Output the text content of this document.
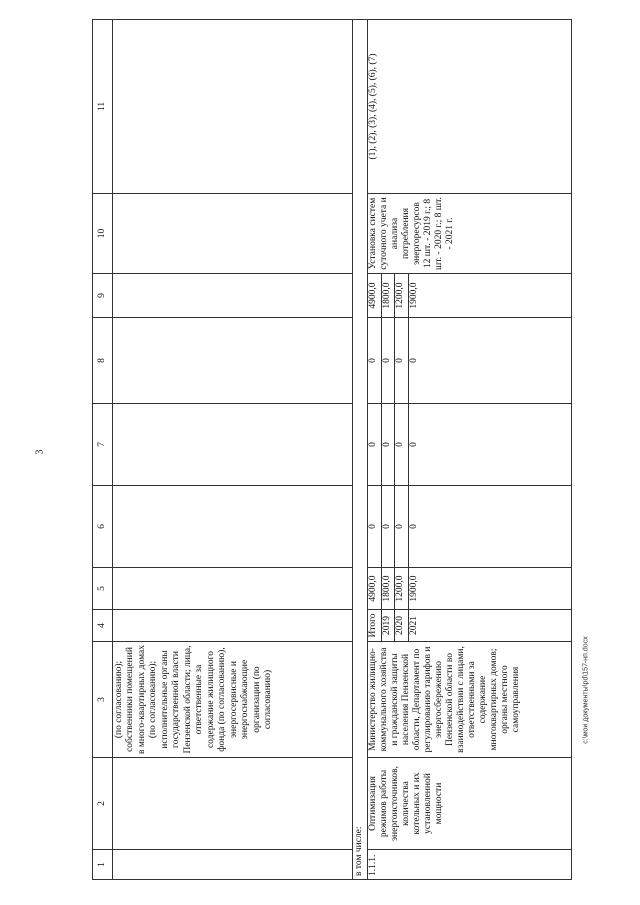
3
c:\мои документы\pd\157-нп.docx
1	2	3	4	5	6	7	8	9	10	11
		(по согласованию); собственники помещений в много-квартирных домах (по согласованию); исполнительные органы государственной власти Пензенской области; лица, ответственные за содержание жилищного фонда (по согласованию), энергосервисные и энергоснабжающие организации (по согласованию)								
в том числе:										
1.1.1.	Оптимизация режимов работы энергоисточников, количества котельных и их установленной мощности	Министерство жилищно-коммунального хозяйства и гражданской защиты населения Пензенской области, Департамент по регулированию тарифов и энергосбережению Пензенской области во взаимодействии с лицами, ответственными за содержание многоквартирных домов; органы местного самоуправления	Итого	4900,0	0	0	0	4900,0	Установка систем суточного учета и анализа потребления энергоресурсов 12 шт. - 2019 г.; 8 шт. - 2020 г.; 8 шт. - 2021 г.	(1), (2), (3), (4), (5), (6), (7)
			2019	1800,0	0	0	0	1800,0		
			2020	1200,0	0	0	0	1200,0		
			2021	1900,0	0	0	0	1900,0		
